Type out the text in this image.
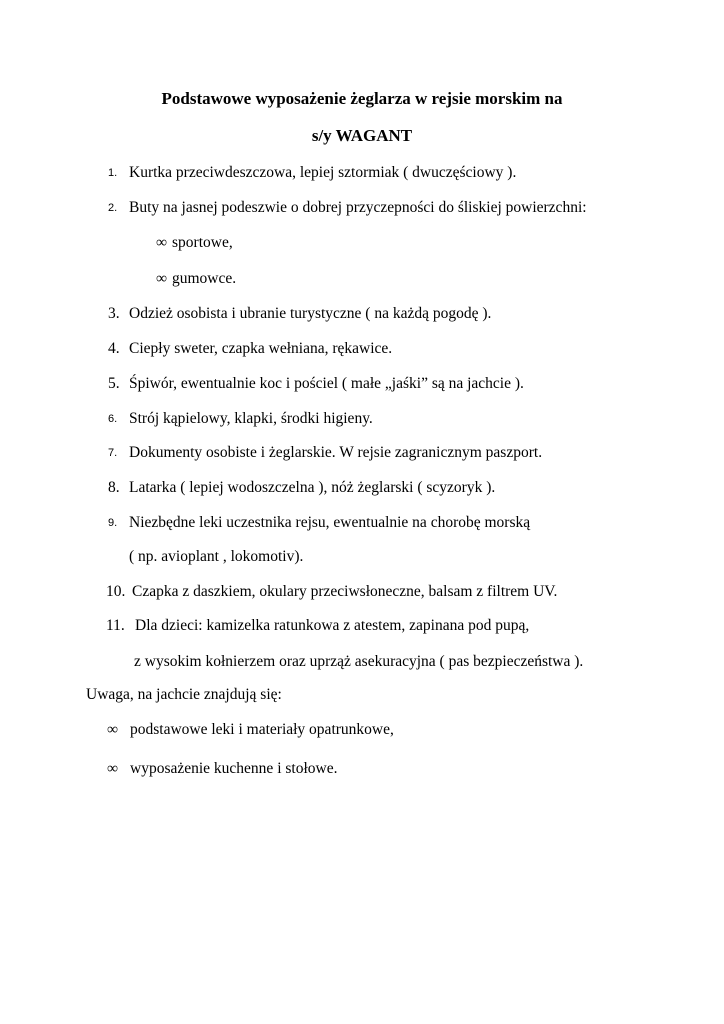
Podstawowe wyposażenie żeglarza w rejsie morskim na
s/y WAGANT
1. Kurtka przeciwdeszczowa, lepiej sztormiak ( dwuczęściowy ).
2. Buty na jasnej podeszwie o dobrej przyczepności do śliskiej powierzchni:
∞ sportowe,
∞ gumowce.
3. Odzież osobista i ubranie turystyczne ( na każdą pogodę ).
4. Ciepły sweter, czapka wełniana, rękawice.
5. Śpiwór, ewentualnie koc i pościel ( małe „jaśki” są na jachcie ).
6. Strój kąpielowy, klapki, środki higieny.
7. Dokumenty osobiste i żeglarskie. W rejsie zagranicznym paszport.
8. Latarka ( lepiej wodoszczelna ), nóż żeglarski ( scyzoryk ).
9. Niezbędne leki uczestnika rejsu, ewentualnie na chorobę morską
( np. avioplant , lokomotiv).
10. Czapka z daszkiem, okulary przeciwsłoneczne, balsam z filtrem UV.
11. Dla dzieci: kamizelka ratunkowa z atestem, zapinana pod pupą,
z wysokim kołnierzem oraz uprząż asekuracyjna ( pas bezpieczeństwa ).
Uwaga, na jachcie znajdują się:
∞ podstawowe leki i materiały opatrunkowe,
∞ wyposażenie kuchenne i stołowe.
